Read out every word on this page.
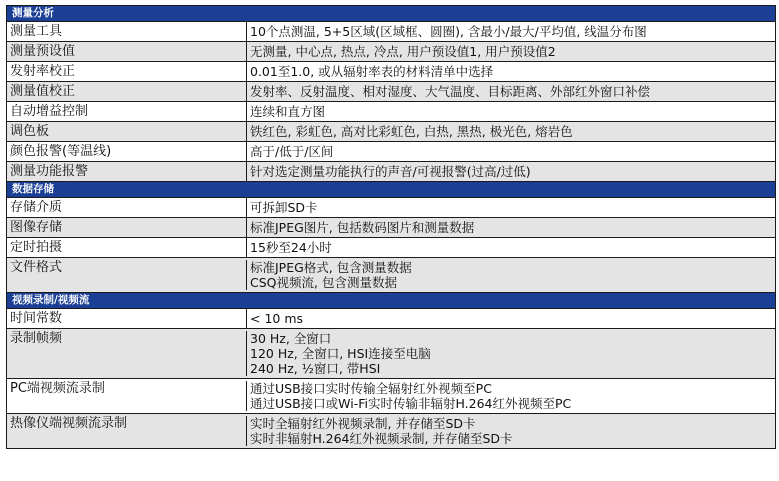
测量分析
测量工具	10个点测温, 5+5区域(区域框、圆圈), 含最小/最大/平均值, 线温分布图
测量预设值	无测量, 中心点, 热点, 冷点, 用户预设值1, 用户预设值2
发射率校正	0.01至1.0, 或从辐射率表的材料清单中选择
测量值校正	发射率、反射温度、相对湿度、大气温度、目标距离、外部红外窗口补偿
自动增益控制	连续和直方图
调色板	铁红色, 彩虹色, 高对比彩虹色, 白热, 黑热, 极光色, 熔岩色
颜色报警(等温线)	高于/低于/区间
测量功能报警	针对选定测量功能执行的声音/可视报警(过高/过低)
数据存储
存储介质	可拆卸SD卡
图像存储	标准JPEG图片, 包括数码图片和测量数据
定时拍摄	15秒至24小时
文件格式	标准JPEG格式, 包含测量数据
CSQ视频流, 包含测量数据
视频录制/视频流
时间常数	< 10 ms
录制帧频	30 Hz, 全窗口
120 Hz, 全窗口, HSI连接至电脑
240 Hz, ½窗口, 带HSI
PC端视频流录制	通过USB接口实时传输全辐射红外视频至PC
通过USB接口或Wi-Fi实时传输非辐射H.264红外视频至PC
热像仪端视频流录制	实时全辐射红外视频录制, 并存储至SD卡
实时非辐射H.264红外视频录制, 并存储至SD卡
